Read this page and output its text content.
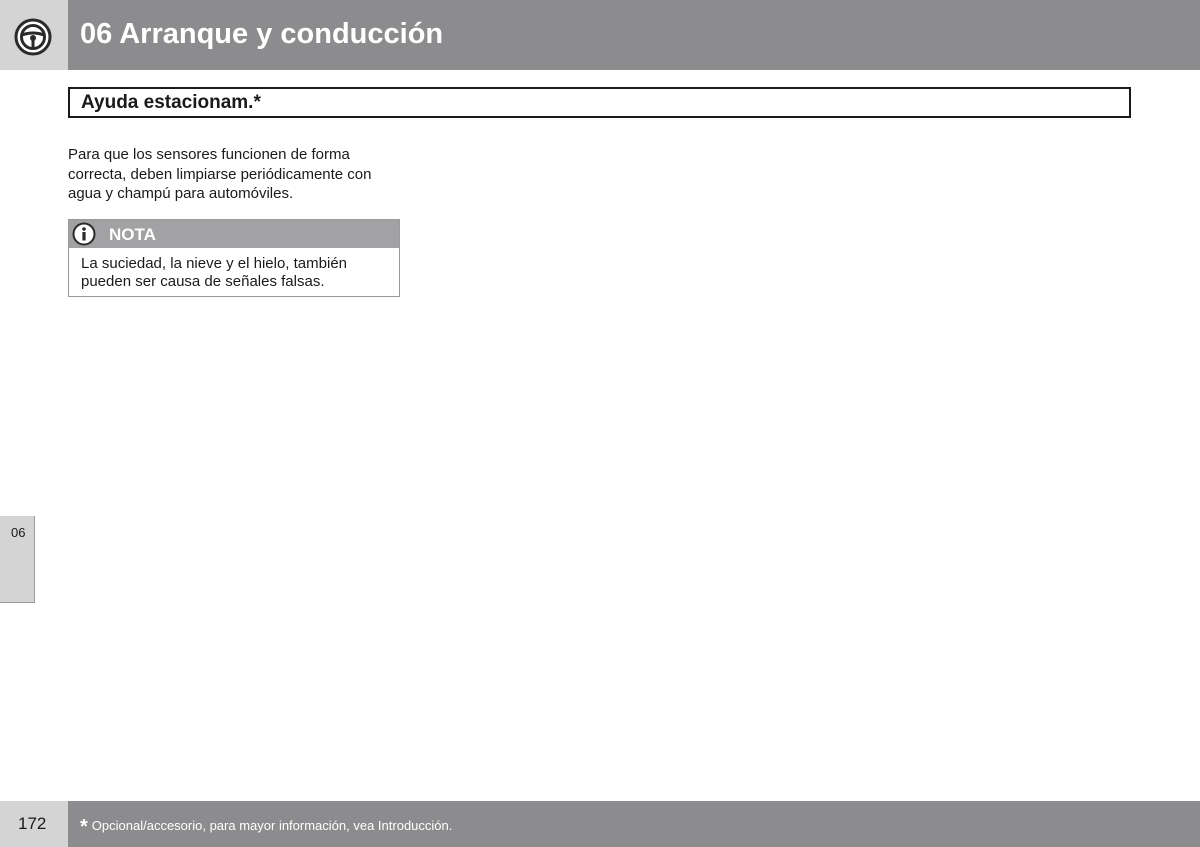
06 Arranque y conducción
Ayuda estacionam.*

Para que los sensores funcionen de forma correcta, deben limpiarse periódicamente con agua y champú para automóviles.

NOTA

La suciedad, la nieve y el hielo, también pueden ser causa de señales falsas.

06
172 * Opcional/accesorio, para mayor información, vea Introducción.
